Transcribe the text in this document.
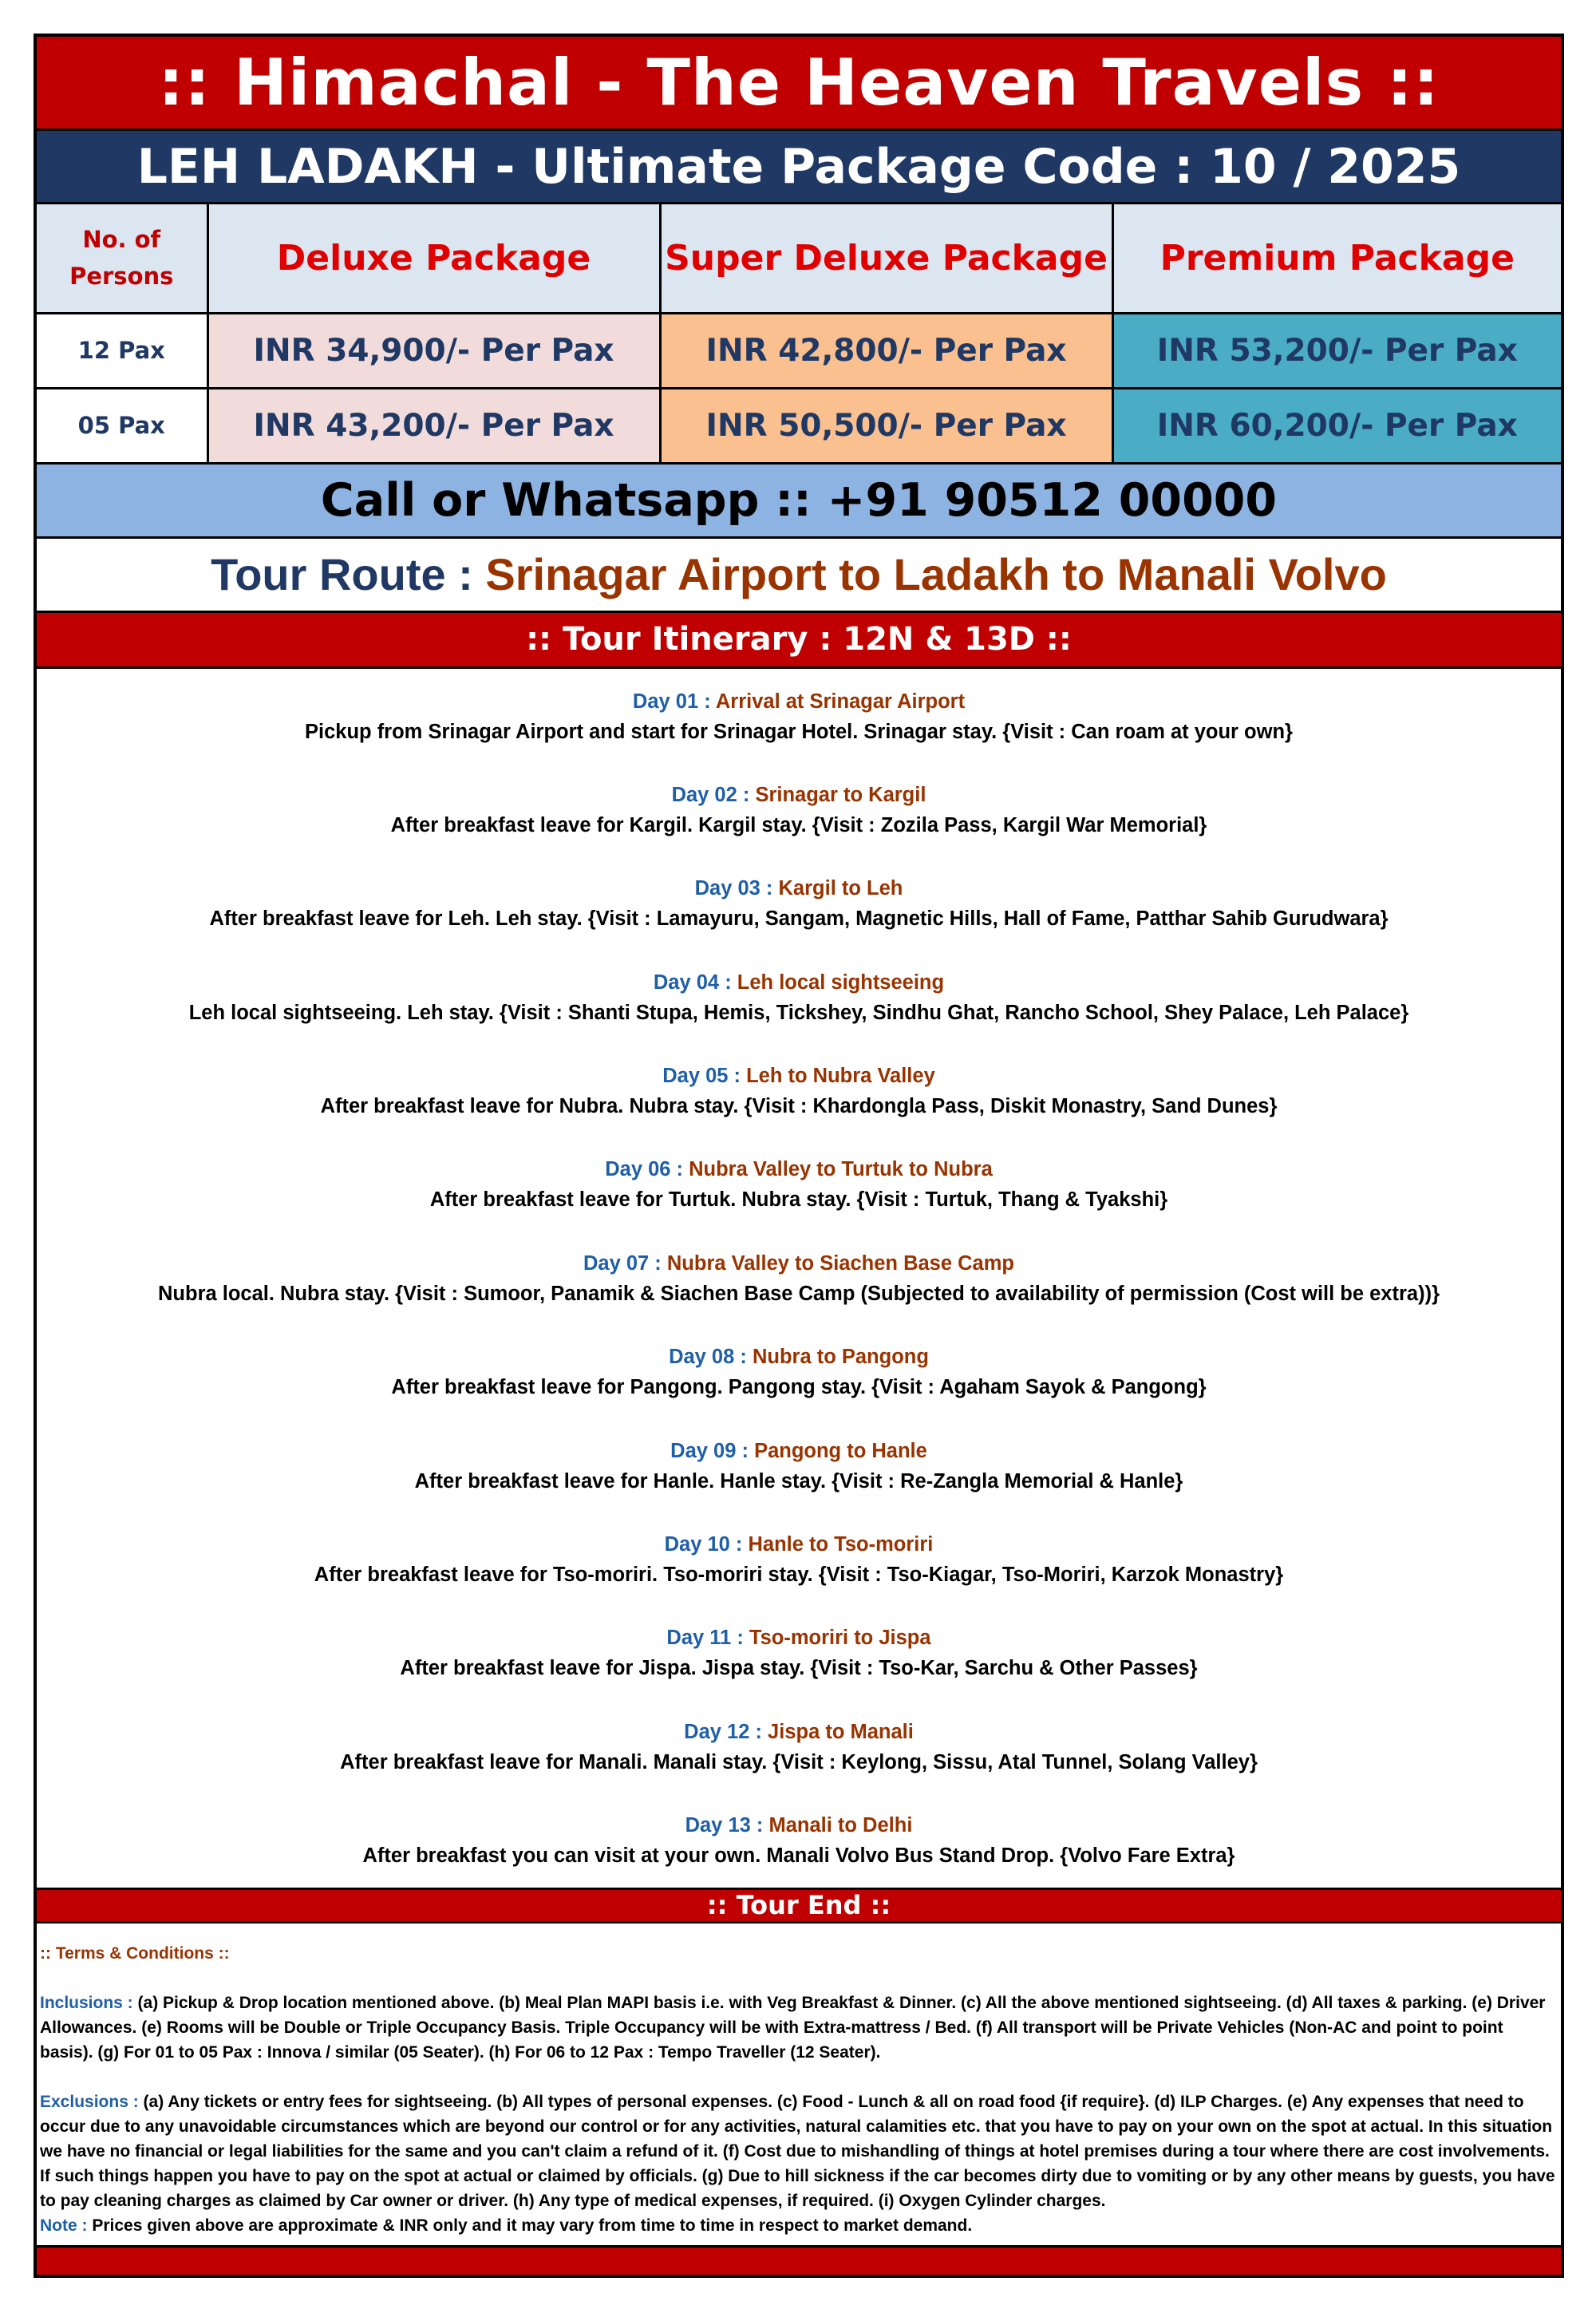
:: Himachal - The Heaven Travels ::
LEH LADAKH - Ultimate Package Code : 10 / 2025
No. of
Persons	Deluxe Package	Super Deluxe Package	Premium Package
12 Pax	INR 34,900/- Per Pax	INR 42,800/- Per Pax	INR 53,200/- Per Pax
05 Pax	INR 43,200/- Per Pax	INR 50,500/- Per Pax	INR 60,200/- Per Pax
Call or Whatsapp :: +91 90512 00000
Tour Route : Srinagar Airport to Ladakh to Manali Volvo
:: Tour Itinerary : 12N & 13D ::
Day 01 : Arrival at Srinagar Airport
Pickup from Srinagar Airport and start for Srinagar Hotel. Srinagar stay. {Visit : Can roam at your own}
Day 02 : Srinagar to Kargil
After breakfast leave for Kargil. Kargil stay. {Visit : Zozila Pass, Kargil War Memorial}
Day 03 : Kargil to Leh
After breakfast leave for Leh. Leh stay. {Visit : Lamayuru, Sangam, Magnetic Hills, Hall of Fame, Patthar Sahib Gurudwara}
Day 04 : Leh local sightseeing
Leh local sightseeing. Leh stay. {Visit : Shanti Stupa, Hemis, Tickshey, Sindhu Ghat, Rancho School, Shey Palace, Leh Palace}
Day 05 : Leh to Nubra Valley
After breakfast leave for Nubra. Nubra stay. {Visit : Khardongla Pass, Diskit Monastry, Sand Dunes}
Day 06 : Nubra Valley to Turtuk to Nubra
After breakfast leave for Turtuk. Nubra stay. {Visit : Turtuk, Thang & Tyakshi}
Day 07 : Nubra Valley to Siachen Base Camp
Nubra local. Nubra stay. {Visit : Sumoor, Panamik & Siachen Base Camp (Subjected to availability of permission (Cost will be extra))}
Day 08 : Nubra to Pangong
After breakfast leave for Pangong. Pangong stay. {Visit : Agaham Sayok & Pangong}
Day 09 : Pangong to Hanle
After breakfast leave for Hanle. Hanle stay. {Visit : Re-Zangla Memorial & Hanle}
Day 10 : Hanle to Tso-moriri
After breakfast leave for Tso-moriri. Tso-moriri stay. {Visit : Tso-Kiagar, Tso-Moriri, Karzok Monastry}
Day 11 : Tso-moriri to Jispa
After breakfast leave for Jispa. Jispa stay. {Visit : Tso-Kar, Sarchu & Other Passes}
Day 12 : Jispa to Manali
After breakfast leave for Manali. Manali stay. {Visit : Keylong, Sissu, Atal Tunnel, Solang Valley}
Day 13 : Manali to Delhi
After breakfast you can visit at your own. Manali Volvo Bus Stand Drop. {Volvo Fare Extra}
:: Tour End ::

:: Terms & Conditions ::

Inclusions : (a) Pickup & Drop location mentioned above. (b) Meal Plan MAPI basis i.e. with Veg Breakfast & Dinner. (c) All the above mentioned sightseeing. (d) All taxes & parking. (e) Driver Allowances. (e) Rooms will be Double or Triple Occupancy Basis. Triple Occupancy will be with Extra-mattress / Bed. (f) All transport will be Private Vehicles (Non-AC and point to point basis). (g) For 01 to 05 Pax : Innova / similar (05 Seater). (h) For 06 to 12 Pax : Tempo Traveller (12 Seater).

Exclusions : (a) Any tickets or entry fees for sightseeing. (b) All types of personal expenses. (c) Food - Lunch & all on road food {if require}. (d) ILP Charges. (e) Any expenses that need to occur due to any unavoidable circumstances which are beyond our control or for any activities, natural calamities etc. that you have to pay on your own on the spot at actual. In this situation we have no financial or legal liabilities for the same and you can't claim a refund of it. (f) Cost due to mishandling of things at hotel premises during a tour where there are cost involvements. If such things happen you have to pay on the spot at actual or claimed by officials. (g) Due to hill sickness if the car becomes dirty due to vomiting or by any other means by guests, you have to pay cleaning charges as claimed by Car owner or driver. (h) Any type of medical expenses, if required. (i) Oxygen Cylinder charges.
Note : Prices given above are approximate & INR only and it may vary from time to time in respect to market demand.
